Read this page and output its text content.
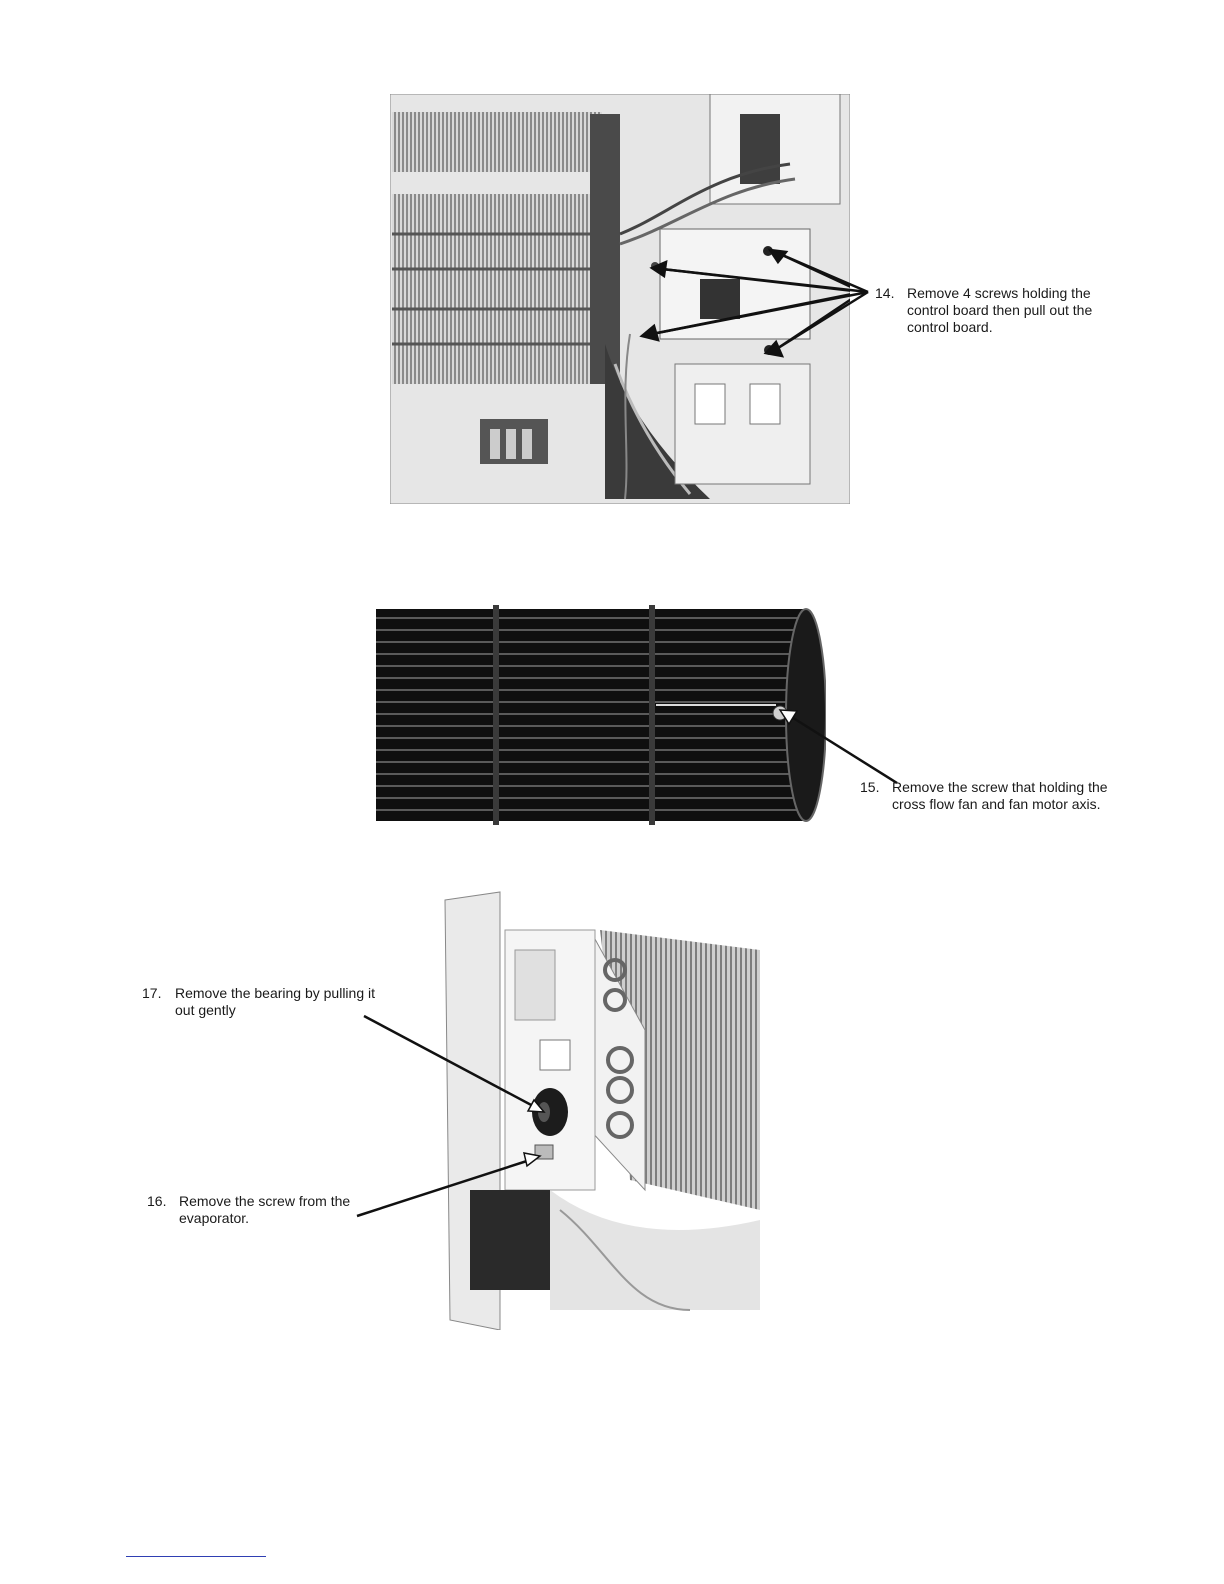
14. Remove 4 screws holding the control board then pull out the control board.
15. Remove the screw that holding the cross flow fan and fan motor axis.
17. Remove the bearing by pulling it out gently
16. Remove the screw from the evaporator.
